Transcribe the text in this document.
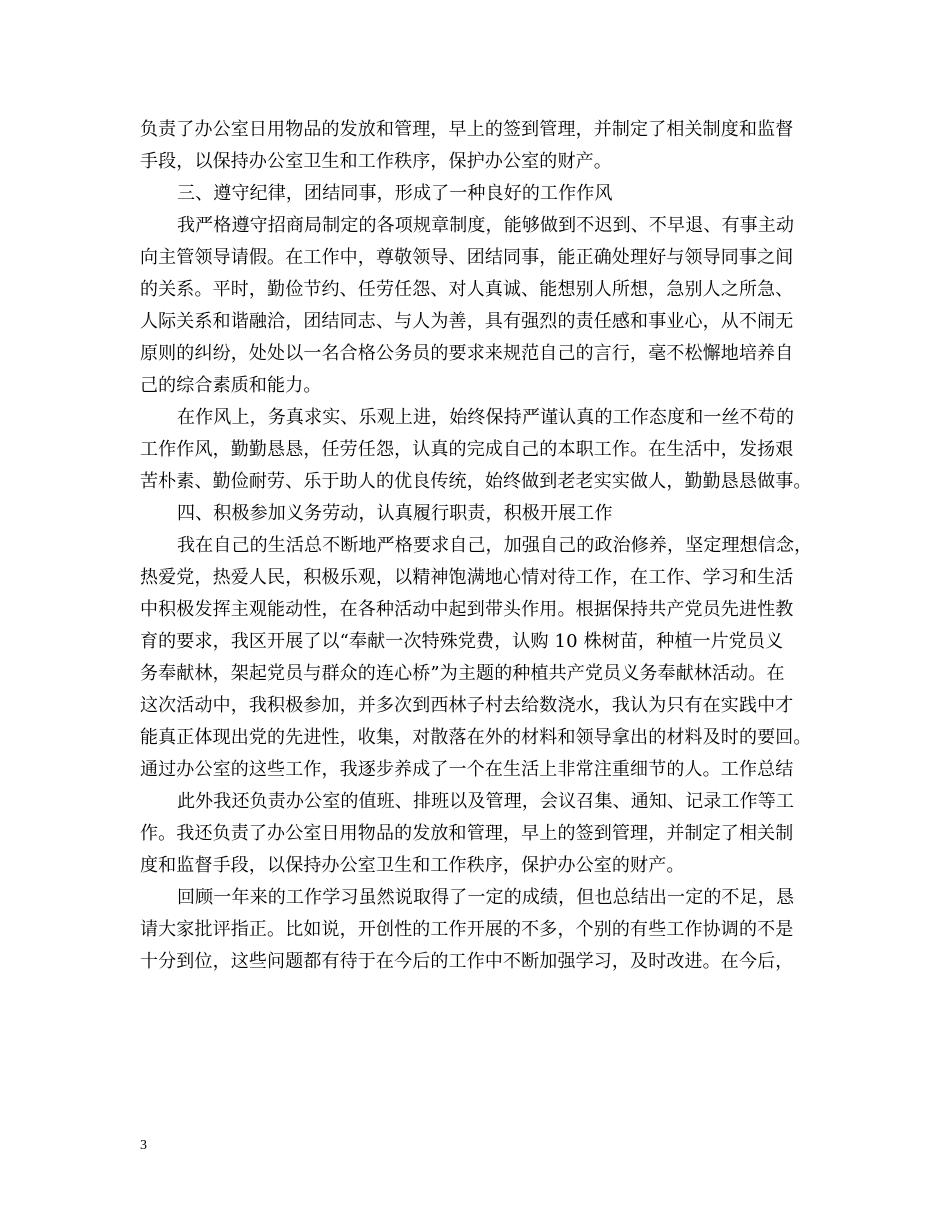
负责了办公室日用物品的发放和管理，早上的签到管理，并制定了相关制度和监督
手段，以保持办公室卫生和工作秩序，保护办公室的财产。
三、遵守纪律，团结同事，形成了一种良好的工作作风
我严格遵守招商局制定的各项规章制度，能够做到不迟到、不早退、有事主动
向主管领导请假。在工作中，尊敬领导、团结同事，能正确处理好与领导同事之间
的关系。平时，勤俭节约、任劳任怨、对人真诚、能想别人所想，急别人之所急、
人际关系和谐融洽，团结同志、与人为善，具有强烈的责任感和事业心，从不闹无
原则的纠纷，处处以一名合格公务员的要求来规范自己的言行，毫不松懈地培养自
己的综合素质和能力。
在作风上，务真求实、乐观上进，始终保持严谨认真的工作态度和一丝不苟的
工作作风，勤勤恳恳，任劳任怨，认真的完成自己的本职工作。在生活中，发扬艰
苦朴素、勤俭耐劳、乐于助人的优良传统，始终做到老老实实做人，勤勤恳恳做事。
四、积极参加义务劳动，认真履行职责，积极开展工作
我在自己的生活总不断地严格要求自己，加强自己的政治修养，坚定理想信念，
热爱党，热爱人民，积极乐观，以精神饱满地心情对待工作，在工作、学习和生活
中积极发挥主观能动性，在各种活动中起到带头作用。根据保持共产党员先进性教
育的要求，我区开展了以“奉献一次特殊党费，认购 10 株树苗，种植一片党员义
务奉献林，架起党员与群众的连心桥”为主题的种植共产党员义务奉献林活动。在
这次活动中，我积极参加，并多次到西林子村去给数浇水，我认为只有在实践中才
能真正体现出党的先进性，收集，对散落在外的材料和领导拿出的材料及时的要回。
通过办公室的这些工作，我逐步养成了一个在生活上非常注重细节的人。工作总结
此外我还负责办公室的值班、排班以及管理，会议召集、通知、记录工作等工
作。我还负责了办公室日用物品的发放和管理，早上的签到管理，并制定了相关制
度和监督手段，以保持办公室卫生和工作秩序，保护办公室的财产。
回顾一年来的工作学习虽然说取得了一定的成绩，但也总结出一定的不足，恳
请大家批评指正。比如说，开创性的工作开展的不多，个别的有些工作协调的不是
十分到位，这些问题都有待于在今后的工作中不断加强学习，及时改进。在今后，
3
